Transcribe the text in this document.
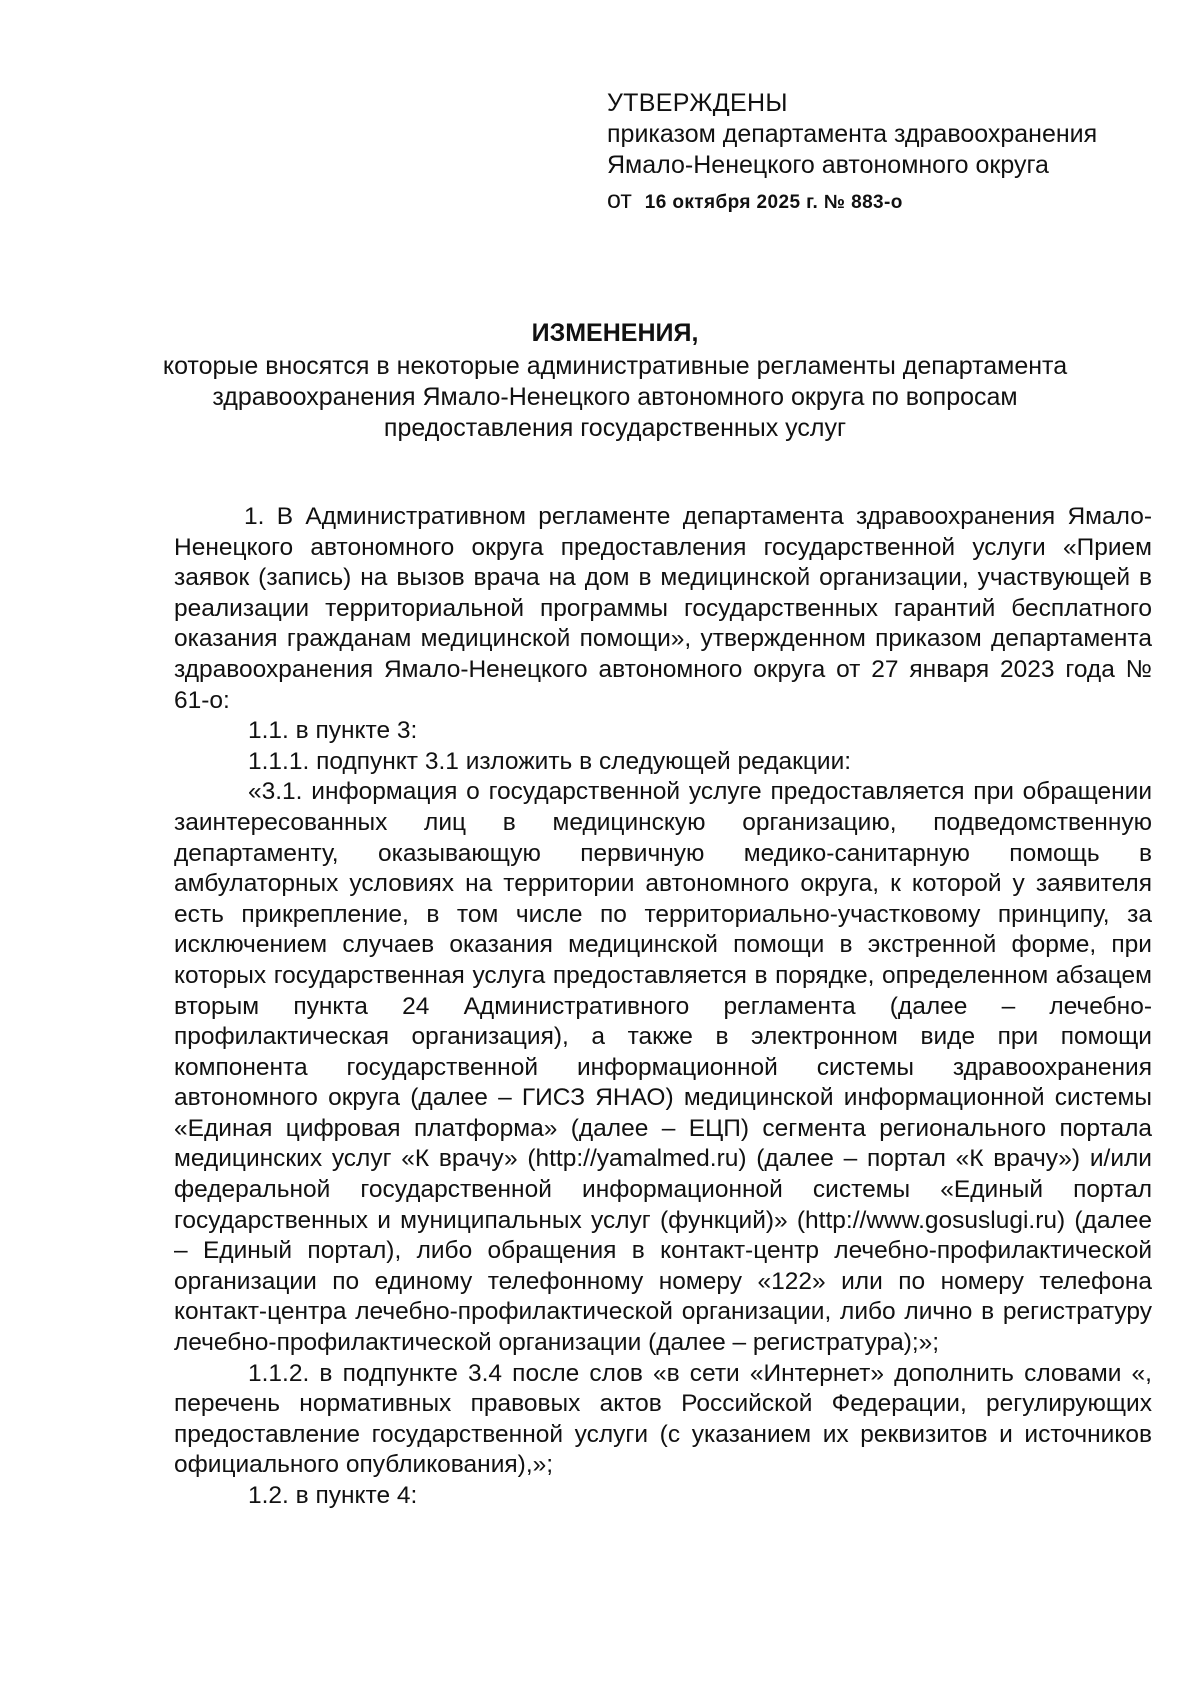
УТВЕРЖДЕНЫ

приказом департамента здравоохранения

Ямало-Ненецкого автономного округа

от 16 октября 2025 г. № 883-о

ИЗМЕНЕНИЯ,

которые вносятся в некоторые административные регламенты департамента

здравоохранения Ямало-Ненецкого автономного округа по вопросам

предоставления государственных услуг

1. В Административном регламенте департамента здравоохранения Ямало-Ненецкого автономного округа предоставления государственной услуги «Прием заявок (запись) на вызов врача на дом в медицинской организации, участвующей в реализации территориальной программы государственных гарантий бесплатного оказания гражданам медицинской помощи», утвержденном приказом департамента здравоохранения Ямало-Ненецкого автономного округа от 27 января 2023 года № 61-о:

1.1. в пункте 3:

1.1.1. подпункт 3.1 изложить в следующей редакции:

«3.1. информация о государственной услуге предоставляется при обращении заинтересованных лиц в медицинскую организацию, подведомственную департаменту, оказывающую первичную медико-санитарную помощь в амбулаторных условиях на территории автономного округа, к которой у заявителя есть прикрепление, в том числе по территориально-участковому принципу, за исключением случаев оказания медицинской помощи в экстренной форме, при которых государственная услуга предоставляется в порядке, определенном абзацем вторым пункта 24 Административного регламента (далее – лечебно-профилактическая организация), а также в электронном виде при помощи компонента государственной информационной системы здравоохранения автономного округа (далее – ГИСЗ ЯНАО) медицинской информационной системы «Единая цифровая платформа» (далее – ЕЦП) сегмента регионального портала медицинских услуг «К врачу» (http://yamalmed.ru) (далее – портал «К врачу») и/или федеральной государственной информационной системы «Единый портал государственных и муниципальных услуг (функций)» (http://www.gosuslugi.ru) (далее – Единый портал), либо обращения в контакт-центр лечебно-профилактической организации по единому телефонному номеру «122» или по номеру телефона контакт-центра лечебно-профилактической организации, либо лично в регистратуру лечебно-профилактической организации (далее – регистратура);»;

1.1.2. в подпункте 3.4 после слов «в сети «Интернет» дополнить словами «, перечень нормативных правовых актов Российской Федерации, регулирующих предоставление государственной услуги (с указанием их реквизитов и источников официального опубликования),»;

1.2. в пункте 4:
